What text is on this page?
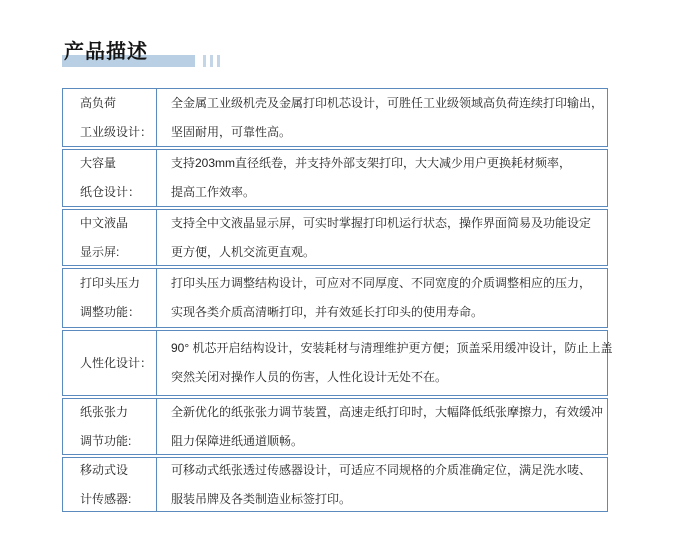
产品描述
高负荷
工业级设计：
全金属工业级机壳及金属打印机芯设计，可胜任工业级领域高负荷连续打印输出，
坚固耐用，可靠性高。
大容量
纸仓设计：
支持203mm直径纸卷，并支持外部支架打印，大大减少用户更换耗材频率，
提高工作效率。
中文液晶
显示屏:
支持全中文液晶显示屏，可实时掌握打印机运行状态，操作界面简易及功能设定
更方便，人机交流更直观。
打印头压力
调整功能：
打印头压力调整结构设计，可应对不同厚度、不同宽度的介质调整相应的压力，
实现各类介质高清晰打印，并有效延长打印头的使用寿命。
人性化设计：
90° 机芯开启结构设计，安装耗材与清理维护更方便；顶盖采用缓冲设计，防止上盖
突然关闭对操作人员的伤害，人性化设计无处不在。
纸张张力
调节功能:
全新优化的纸张张力调节装置，高速走纸打印时，大幅降低纸张摩擦力，有效缓冲
阻力保障进纸通道顺畅。
移动式设
计传感器:
可移动式纸张透过传感器设计，可适应不同规格的介质准确定位，满足洗水唛、
服装吊牌及各类制造业标签打印。
